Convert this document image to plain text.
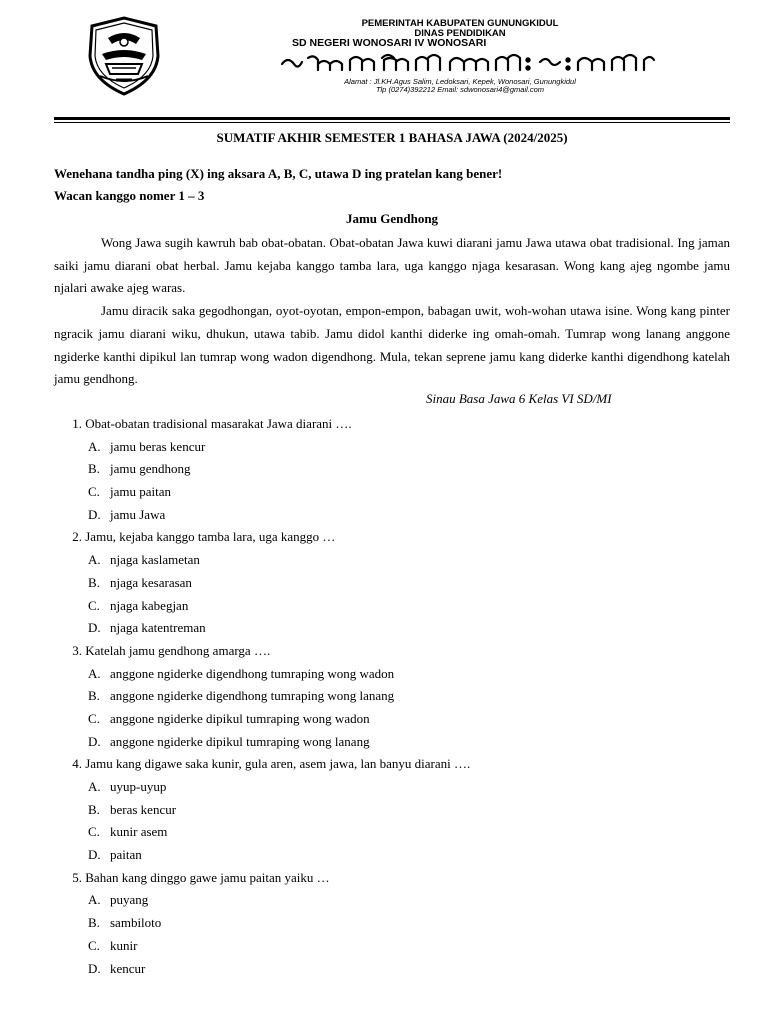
PEMERINTAH KABUPATEN GUNUNGKIDUL
DINAS PENDIDIKAN
SD NEGERI WONOSARI IV WONOSARI
Alamat : Jl.KH.Agus Salim, Ledoksari, Kepek, Wonosari, Gunungkidul
Tlp (0274)392212 Email: sdwonosari4@gmail.com
SUMATIF AKHIR SEMESTER 1 BAHASA JAWA (2024/2025)
Wenehana tandha ping (X) ing aksara A, B, C, utawa D ing pratelan kang bener!
Wacan kanggo nomer 1 – 3
Jamu Gendhong

Wong Jawa sugih kawruh bab obat-obatan. Obat-obatan Jawa kuwi diarani jamu Jawa utawa obat tradisional. Ing jaman saiki jamu diarani obat herbal. Jamu kejaba kanggo tamba lara, uga kanggo njaga kesarasan. Wong kang ajeg ngombe jamu njalari awake ajeg waras.

Jamu diracik saka gegodhongan, oyot-oyotan, empon-empon, babagan uwit, woh-wohan utawa isine. Wong kang pinter ngracik jamu diarani wiku, dhukun, utawa tabib. Jamu didol kanthi diderke ing omah-omah. Tumrap wong lanang anggone ngiderke kanthi dipikul lan tumrap wong wadon digendhong. Mula, tekan seprene jamu kang diderke kanthi digendhong katelah jamu gendhong.

Sinau Basa Jawa 6 Kelas VI SD/MI
1. Obat-obatan tradisional masarakat Jawa diarani ….
A. jamu beras kencur
B. jamu gendhong
C. jamu paitan
D. jamu Jawa
2. Jamu, kejaba kanggo tamba lara, uga kanggo …
A. njaga kaslametan
B. njaga kesarasan
C. njaga kabegjan
D. njaga katentreman
3. Katelah jamu gendhong amarga ….
A. anggone ngiderke digendhong tumraping wong wadon
B. anggone ngiderke digendhong tumraping wong lanang
C. anggone ngiderke dipikul tumraping wong wadon
D. anggone ngiderke dipikul tumraping wong lanang
4. Jamu kang digawe saka kunir, gula aren, asem jawa, lan banyu diarani ….
A. uyup-uyup
B. beras kencur
C. kunir asem
D. paitan
5. Bahan kang dinggo gawe jamu paitan yaiku …
A. puyang
B. sambiloto
C. kunir
D. kencur
